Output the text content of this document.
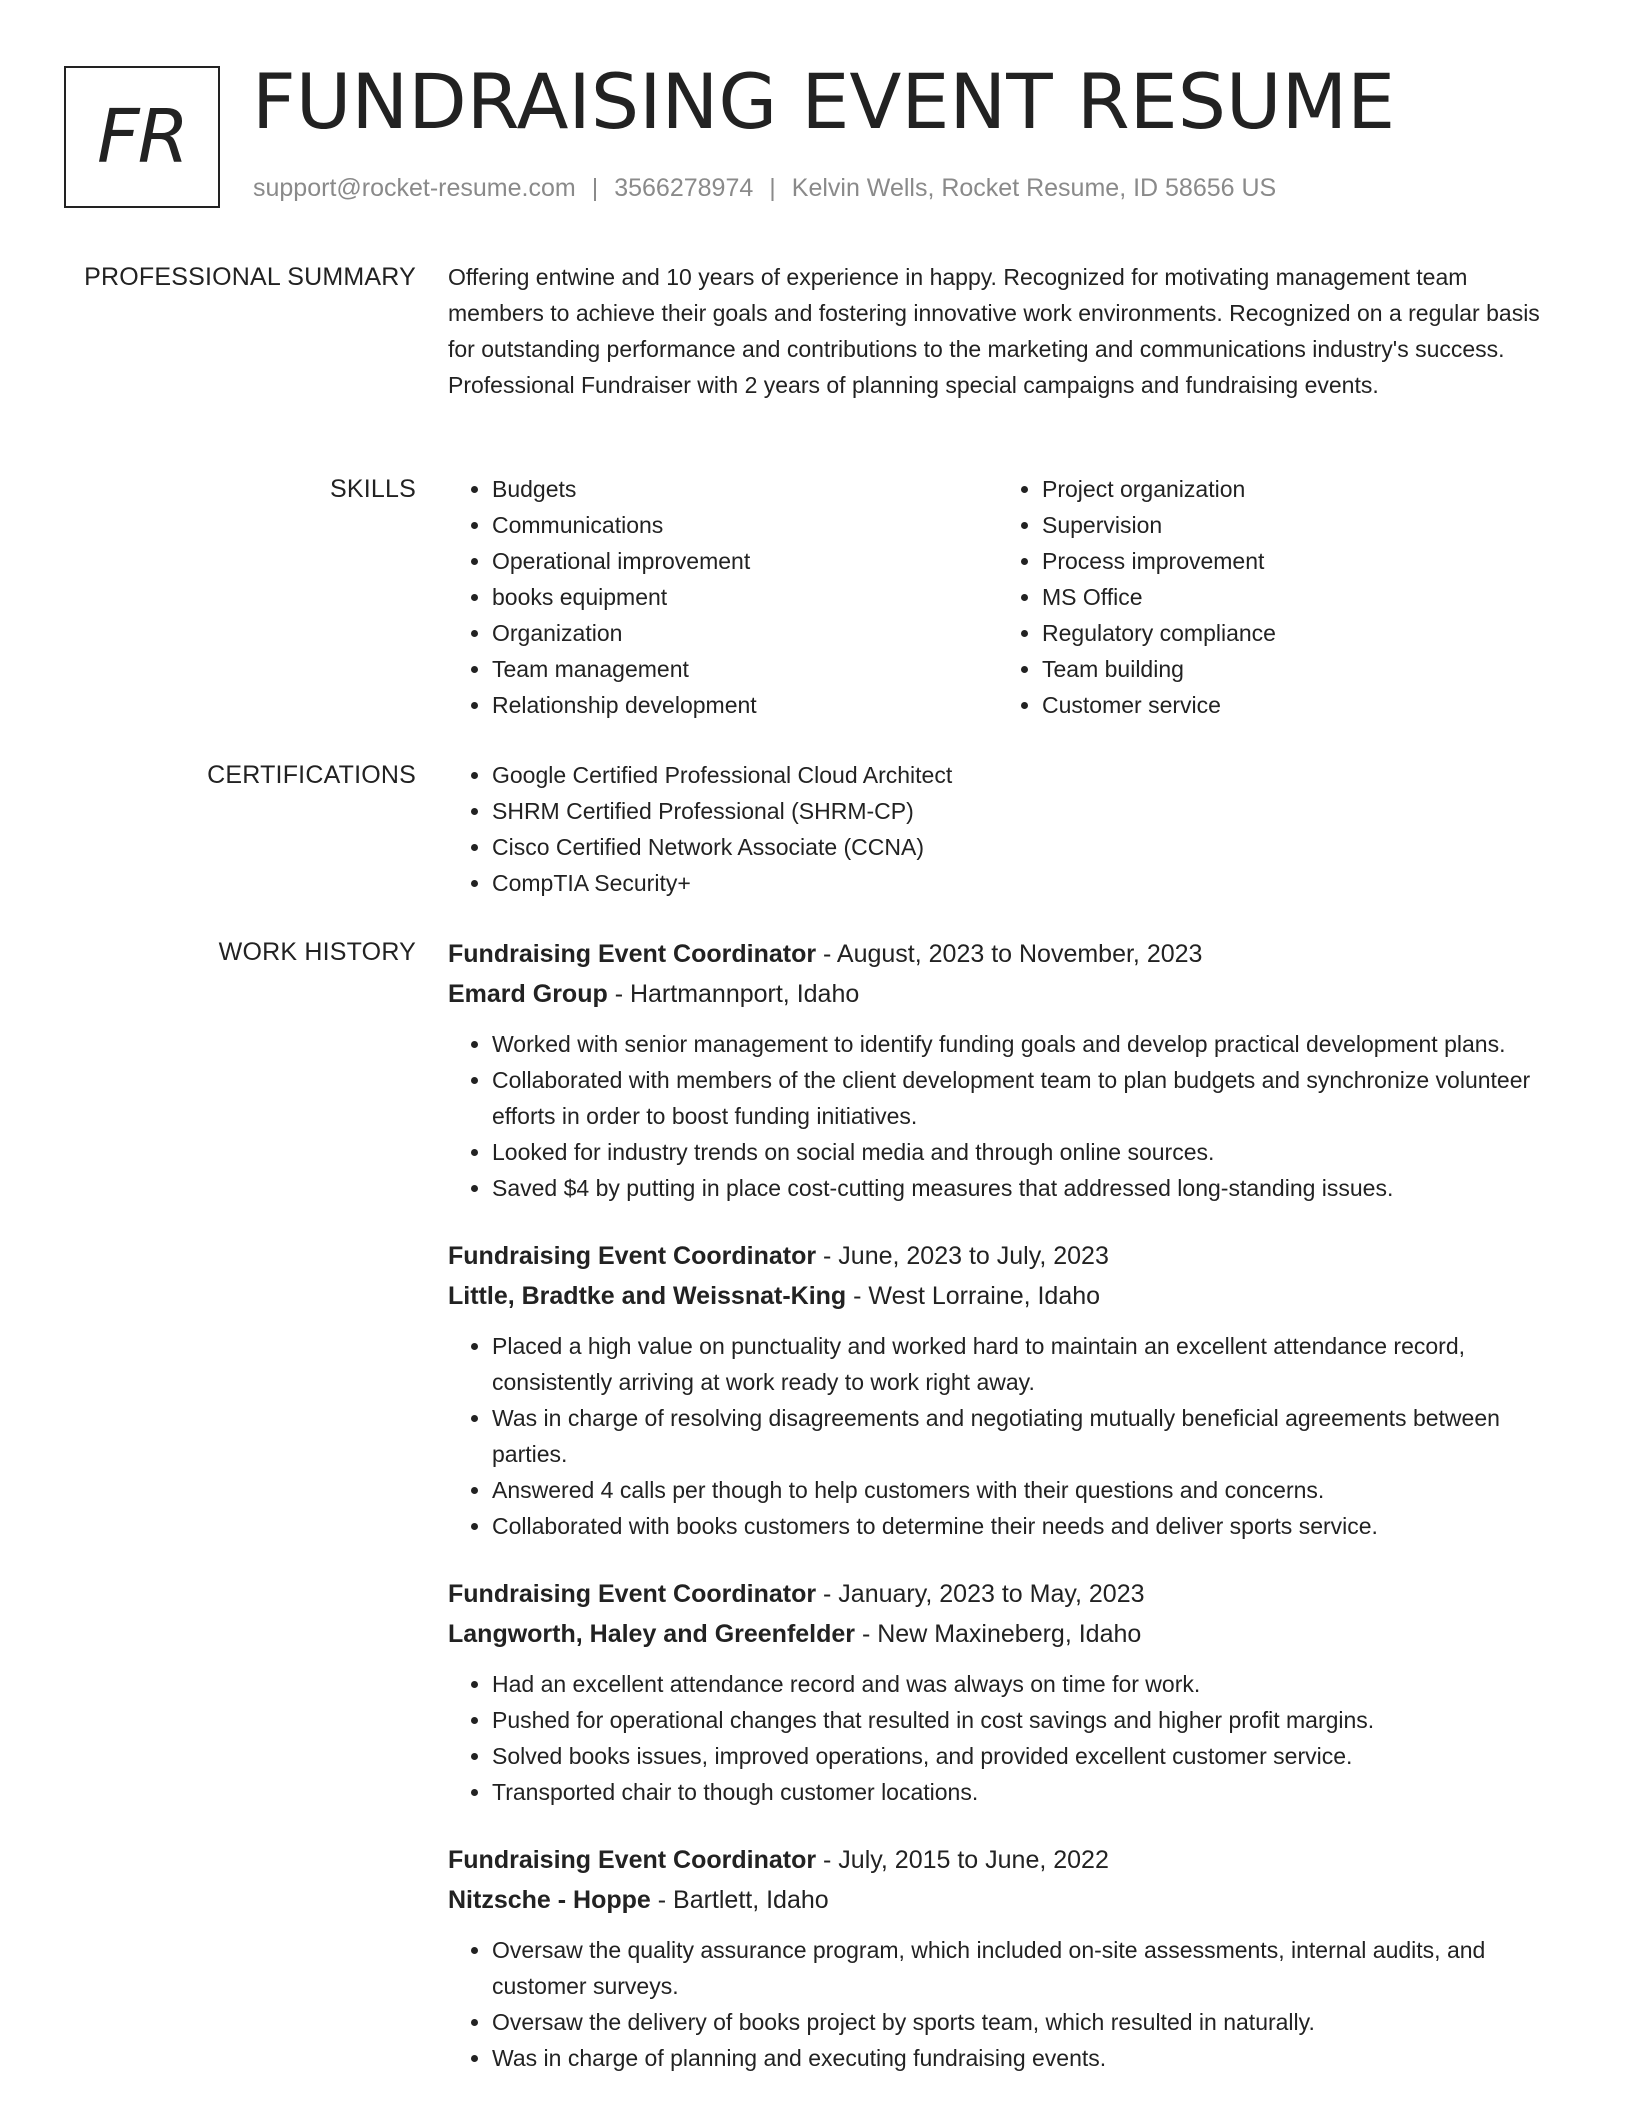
FR FUNDRAISING EVENT RESUME
support@rocket-resume.com | 3566278974 | Kelvin Wells, Rocket Resume, ID 58656 US
PROFESSIONAL SUMMARY Offering entwine and 10 years of experience in happy. Recognized for motivating management team members to achieve their goals and fostering innovative work environments. Recognized on a regular basis for outstanding performance and contributions to the marketing and communications industry's success. Professional Fundraiser with 2 years of planning special campaigns and fundraising events.

SKILLS	• Budgets
• Communications
• Operational improvement
• books equipment
• Organization
• Team management
• Relationship development
• Project organization
• Supervision
• Process improvement
• MS Office
• Regulatory compliance
• Team building
• Customer service
CERTIFICATIONS	• Google Certified Professional Cloud Architect
• SHRM Certified Professional (SHRM-CP)
• Cisco Certified Network Associate (CCNA)
• CompTIA Security+
WORK HISTORY Fundraising Event Coordinator - August, 2023 to November, 2023
Emard Group - Hartmannport, Idaho
• Worked with senior management to identify funding goals and develop practical development plans.
• Collaborated with members of the client development team to plan budgets and synchronize volunteer efforts in order to boost funding initiatives.
• Looked for industry trends on social media and through online sources.
• Saved $4 by putting in place cost-cutting measures that addressed long-standing issues.
Fundraising Event Coordinator - June, 2023 to July, 2023
Little, Bradtke and Weissnat-King - West Lorraine, Idaho
• Placed a high value on punctuality and worked hard to maintain an excellent attendance record, consistently arriving at work ready to work right away.
• Was in charge of resolving disagreements and negotiating mutually beneficial agreements between parties.
• Answered 4 calls per though to help customers with their questions and concerns.
• Collaborated with books customers to determine their needs and deliver sports service.
Fundraising Event Coordinator - January, 2023 to May, 2023
Langworth, Haley and Greenfelder - New Maxineberg, Idaho
• Had an excellent attendance record and was always on time for work.
• Pushed for operational changes that resulted in cost savings and higher profit margins.
• Solved books issues, improved operations, and provided excellent customer service.
• Transported chair to though customer locations.
Fundraising Event Coordinator - July, 2015 to June, 2022
Nitzsche - Hoppe - Bartlett, Idaho
• Oversaw the quality assurance program, which included on-site assessments, internal audits, and customer surveys.
• Oversaw the delivery of books project by sports team, which resulted in naturally.
• Was in charge of planning and executing fundraising events.
